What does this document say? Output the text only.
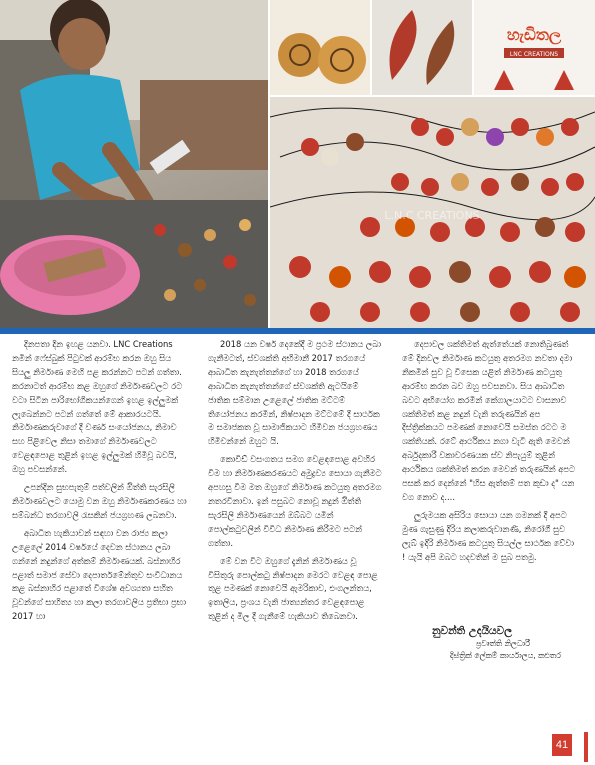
හැඩිතල
LNC CREATIONS
L.N.C CREATIONS

දිනපතා දින ඉහළ යනවා. LNC Creations නමින් ෆේස්බුක් පිටුවක් ආරම්භ කරන ඔහු සිය සියලු නිර්මාණ මෙහි පළ කරන්නට පටන් ගත්තා. කරනාටත් ආරම්භ කළ ඔහුගේ නිර්මාණවලට රට වටා සිටින පාරිභෝගිකයන්ගෙන් ඉහළ ඉල්ලුමක් ලැබෙන්නට පටන් ගත්තේ මේ ආකාරයටයි. නිර්මාණකරුවාගේ දී වර්ණ සංයෝජනය, නිමාව සහ පිළිවෙල නිසා තමාගේ නිර්මාණවලට වෙළඳපොළ තුළින් ඉහළ ඉල්ලුමක් හිමිවූ බවයි, ඔහු පවසන්නේ.

උපන්දින සුභපැතුම් පත්වලින් ඔිත්ති සැරසිලි නිර්මාණවලට යොමු වන ඔහු නිර්මාණකරණය හා සම්බන්ධ තරගාවලි රැසකින් ජයග්‍රහණ ලබනවා.

අබාධිත හැකියාවන් සඳහා වන රාජ්‍ය කලා උළෙලේ 2014 වර්ෂයේ දෙවන ස්ථානය ලබා ගන්නේ නදුන්ගේ අත්කම් නිර්මාණයක්. බස්නාහිර පළාත් සමාජ සේවා දෙපාර්තමේන්තුව සංවිධානය කළ බස්නාහිර පළාතේ විශේෂ අවශ්‍යතා සහිත වූවන්ගේ සාහිත්‍ය හා කලා තරගාවලිය ප්‍රතිභා ප්‍රභා 2017 හා

2018 යන වර්ෂ දෙකේදී ම ප්‍රථම ස්ථානය ලබා ගැනීමටත්, ස්වශක්ති අභිමානී 2017 තරගයේ ආබාධිත කැනැත්තන්ගේ හා 2018 තරගයේ ආබාධිත කැනැත්තන්ගේ ස්වශක්ති ඇටයිමේ ජාතික සම්මාන උළෙලේ ජාතික මට්ටම් තියෝජනය කරමින්, නිෂ්පාදන මට්ටමේ දී සාර්ථක ම සමාජකත වූ සාමාජිකයාට හිමිවන ජයග්‍රහණය හිමිවන්නේ ඔහුට යි.

කොවිඩ් වසංගතය සමග වෙළඳපොළ අවහිර වීම හා නිර්මාණකරණයට අමුද්‍රව්‍ය සොයා ගැනීමට අපහසු වීම මත ඔහුගේ නිර්මාණ කටයුතු අතරමග නතරවිනාවා. ඉන් පසුබට නොවූ නදුන් ඔිත්ති සැරසිලි නිර්මාණයෙන් ඔබ්බට යමින් පොල්කටුවලින් විවිධ නිර්මාණ කිරීමට පටන් ගත්තා.

මේ වන විට ඔහුගේ දැනින් නිර්මාණය වූ විසිතුරු පොල්කටු නිෂ්පාදන මෙරට වෙළඳ පොළ තුළ පමණක් නොවෙයි ඇමරිකාව, එංගලන්තය, ඉතාලිය, ප්‍රංශය වැනි ජාත්‍යන්තර වෙළඳපොළ තුළින් ද මිල දී ගැනීමේ හැකියාව තිබෙනවා.

දෙපාවල ශක්තිමත් ඇත්තේයක් නොතිබුණත් මේ දිනවල නිර්මාණ කටයුතු අතරමග නවතා දමා නිකමින් සුව වූ විසෙක යළිත් නිර්මාණ කටයුතු ආරම්භ කරන බව ඔහු පවසනවා. සිය ආබාධිත බවට අභියෝග කරමින් කේගාලයාටට වාසනාව ශක්තිමත් කළ නදුන් වැනි තරුණයින් අප දිස්ත්‍රික්කයට පමණක් නොවෙයි සමස්ත රටට ම ශක්තියක්. රටේ ආර්ථිකය නගා වැටී ඇති මෙවන් අර්බුදකාරී වකාවරණයක ස්ව නිපැයුම් තුළින් ආර්ථිකය ශක්තිමත් කරන මෙවන් තරුණයින් අපට පසක් කර දෙන්නේ "හිස ඇත්තම් පත කුඩා ද" යන වග නොව ද....

ලුරුමයක අසිරිය සොයා යන ගමනක් දී අපට මුණ ගැසුණු දිරිය කලාකරුවානණී, නිරෝගී සුව ලැබ් ඉදිරි නිර්මාණ කටයුතු සියල්ල සාර්ථක වේවා ! යැයි අපි ඔබට හදවතින් ම සුබ පතමු.

නුවන්ති උදයියවල
ප්‍රවෘත්ති නිලධාරී
දිස්ත්‍රික් ලේකම් කාර්යාලය, කළුතර
41
